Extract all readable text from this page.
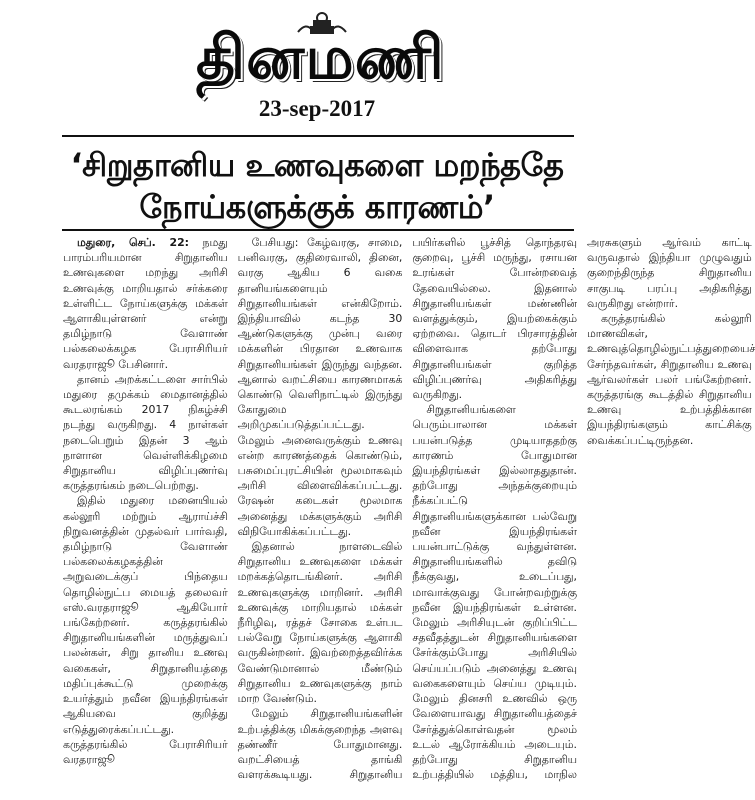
தினமணி
23-sep-2017
‘சிறுதானிய உணவுகளை மறந்ததே
நோய்களுக்குக் காரணம்’

மதுரை, செப். 22: நமது பாரம்பரியமான சிறுதானிய உணவுகளை மறந்து அரிசி உணவுக்கு மாறியதால் சர்க்கரை உள்ளிட்ட நோய்களுக்கு மக்கள் ஆளாகியுள்ளனர் என்று தமிழ்நாடு வேளாண் பல்கலைக்கழக பேராசிரியர் வரதராஜூ பேசினார்.

தானம் அறக்கட்டளை சார்பில் மதுரை தமுக்கம் மைதானத்தில் கூடலரங்கம் 2017 நிகழ்ச்சி நடந்து வருகிறது. 4 நாள்கள் நடைபெறும் இதன் 3 ஆம் நாளான வெள்ளிக்கிழமை சிறுதானிய விழிப்புணர்வு கருத்தரங்கம் நடைபெற்றது.

இதில் மதுரை மனையியல் கல்லூரி மற்றும் ஆராய்ச்சி நிறுவனத்தின் முதல்வர் பார்வதி, தமிழ்நாடு வேளாண் பல்கலைக்கழகத்தின் அறுவடைக்குப் பிந்தைய தொழில்நுட்ப மையத் தலைவர் எஸ்.வரதராஜூ ஆகியோர் பங்கேற்றனர். கருத்தரங்கில் சிறுதானியங்களின் மருத்துவப் பலன்கள், சிறு தானிய உணவு வகைகள், சிறுதானியத்தை மதிப்புக்கூட்டு முறைக்கு உயர்த்தும் நவீன இயந்திரங்கள் ஆகியவை குறித்து எடுத்துரைக்கப்பட்டது. கருத்தரங்கில் பேராசிரியர் வரதராஜூ

பேசியது: கேழ்வரகு, சாமை, பனிவரகு, குதிரைவாலி, தினை, வரகு ஆகிய 6 வகை தானியங்களையும் சிறுதானியங்கள் என்கிறோம். இந்தியாவில் கடந்த 30 ஆண்டுகளுக்கு முன்பு வரை மக்களின் பிரதான உணவாக சிறுதானியங்கள் இருந்து வந்தன. ஆனால் வறட்சியை காரணமாகக் கொண்டு வெளிநாட்டில் இருந்து கோதுமை அறிமுகப்படுத்தப்பட்டது. மேலும் அனைவருக்கும் உணவு என்ற காரணத்தைக் கொண்டும், பசுமைப்புரட்சியின் மூலமாகவும் அரிசி விளைவிக்கப்பட்டது. ரேஷன் கடைகள் மூலமாக அனைத்து மக்களுக்கும் அரிசி விநியோகிக்கப்பட்டது.

இதனால் நாளடைவில் சிறுதானிய உணவுகளை மக்கள் மறக்கத்தொடங்கினர். அரிசி உணவுகளுக்கு மாறினர். அரிசி உணவுக்கு மாறியதால் மக்கள் நீரிழிவு, ரத்தச் சோகை உள்பட பல்வேறு நோய்களுக்கு ஆளாகி வருகின்றனர். இவற்றைத்தவிர்க்க வேண்டுமானால் மீண்டும் சிறுதானிய உணவுகளுக்கு நாம் மாற வேண்டும்.

மேலும் சிறுதானியங்களின் உற்பத்திக்கு மிகக்குறைந்த அளவு தண்ணீர் போதுமானது. வறட்சியைத் தாங்கி வளரக்கூடியது. சிறுதானிய பயிர்களில் பூச்சித் தொந்தரவு குறைவு, பூச்சி மருந்து, ரசாயன உரங்கள் போன்றவைத் தேவையில்லை. இதனால் சிறுதானியங்கள் மண்ணின் வளத்துக்கும், இயற்கைக்கும் ஏற்றவை. தொடர் பிரசாரத்தின் விளைவாக தற்போது சிறுதானியங்கள் குறித்த விழிப்புணர்வு அதிகரித்து வருகிறது.

சிறுதானியங்களை பெரும்பாலான மக்கள் பயன்படுத்த முடியாததற்கு காரணம் போதுமான இயந்திரங்கள் இல்லாததுதான். தற்போது அந்தக்குறையும் நீக்கப்பட்டு சிறுதானியங்களுக்கான பல்வேறு நவீன இயந்திரங்கள் பயன்பாட்டுக்கு வந்துள்ளன. சிறுதானியங்களில் தவிடு நீக்குவது, உடைப்பது, மாவாக்குவது போன்றவற்றுக்கு நவீன இயந்திரங்கள் உள்ளன. மேலும் அரிசியுடன் குறிப்பிட்ட சதவீதத்துடன் சிறுதானியங்களை சேர்க்கும்போது அரிசியில் செய்யப்படும் அனைத்து உணவு வகைகளையும் செய்ய முடியும். மேலும் தினசரி உணவில் ஒரு வேளையாவது சிறுதானியத்தைச் சேர்த்துக்கொள்வதன் மூலம் உடல் ஆரோக்கியம் அடையும். தற்போது சிறுதானிய உற்பத்தியில் மத்திய, மாநில அரசுகளும் ஆர்வம் காட்டி வருவதால் இந்தியா முழுவதும் குறைந்திருந்த சிறுதானிய சாகுபடி பரப்பு அதிகரித்து வருகிறது என்றார்.

கருத்தரங்கில் கல்லூரி மாணவிகள், உணவுத்தொழில்நுட்பத்துறையைச் சேர்ந்தவர்கள், சிறுதானிய உணவு ஆர்வலர்கள் பலர் பங்கேற்றனர். கருத்தரங்கு கூடத்தில் சிறுதானிய உணவு உற்பத்திக்கான இயந்திரங்களும் காட்சிக்கு வைக்கப்பட்டிருந்தன.
